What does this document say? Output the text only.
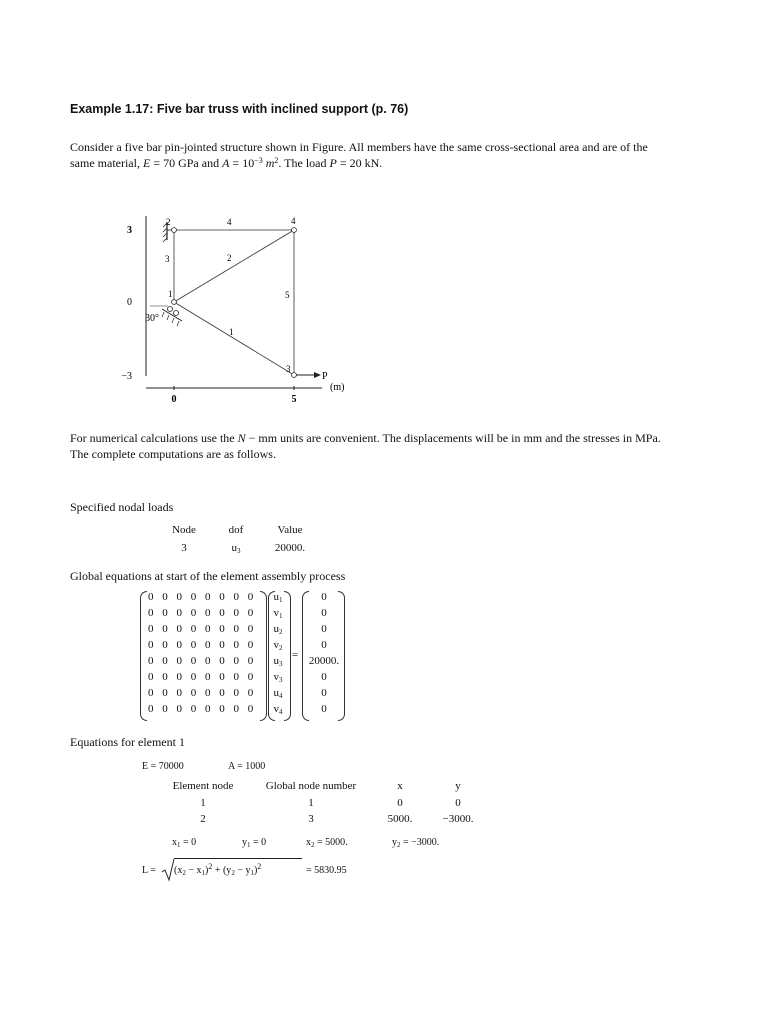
Example 1.17: Five bar truss with inclined support (p. 76)
Consider a five bar pin-jointed structure shown in Figure. All members have the same cross-sectional area and are of the
same material, E = 70 GPa and $A = 10^{-3}$ $m^2$. The load P = 20 kN.
3
0
−3
0	5
(m)
30°
P
1
2
3
4
1
2
3
4
5
For numerical calculations use the N − mm units are convenient. The displacements will be in mm and the stresses in MPa.
The complete computations are as follows.
Specified nodal loads
Node	dof	Value
3	$u_3$	20000.
Global equations at start of the element assembly process
0 0 0 0 0 0 0 0
0 0 0 0 0 0 0 0
0 0 0 0 0 0 0 0
0 0 0 0 0 0 0 0
0 0 0 0 0 0 0 0
0 0 0 0 0 0 0 0
0 0 0 0 0 0 0 0
0 0 0 0 0 0 0 0
$u_1$
$v_1$
$u_2$
$v_2$
$u_3$
$v_3$
$u_4$
$v_4$
=
0
0
0
0
20000.
0
0
0
Equations for element 1
E = 70000	A = 1000
Element node	Global node number	x	y
1	1	0	0
2	3	5000.	−3000.
$x_1 = 0$	$y_1 = 0$	$x_2 = 5000$.	$y_2 = -3000$.
$L = (x_2 - x_1)^2 + (y_2 - y_1)^2$	= 5830.95
